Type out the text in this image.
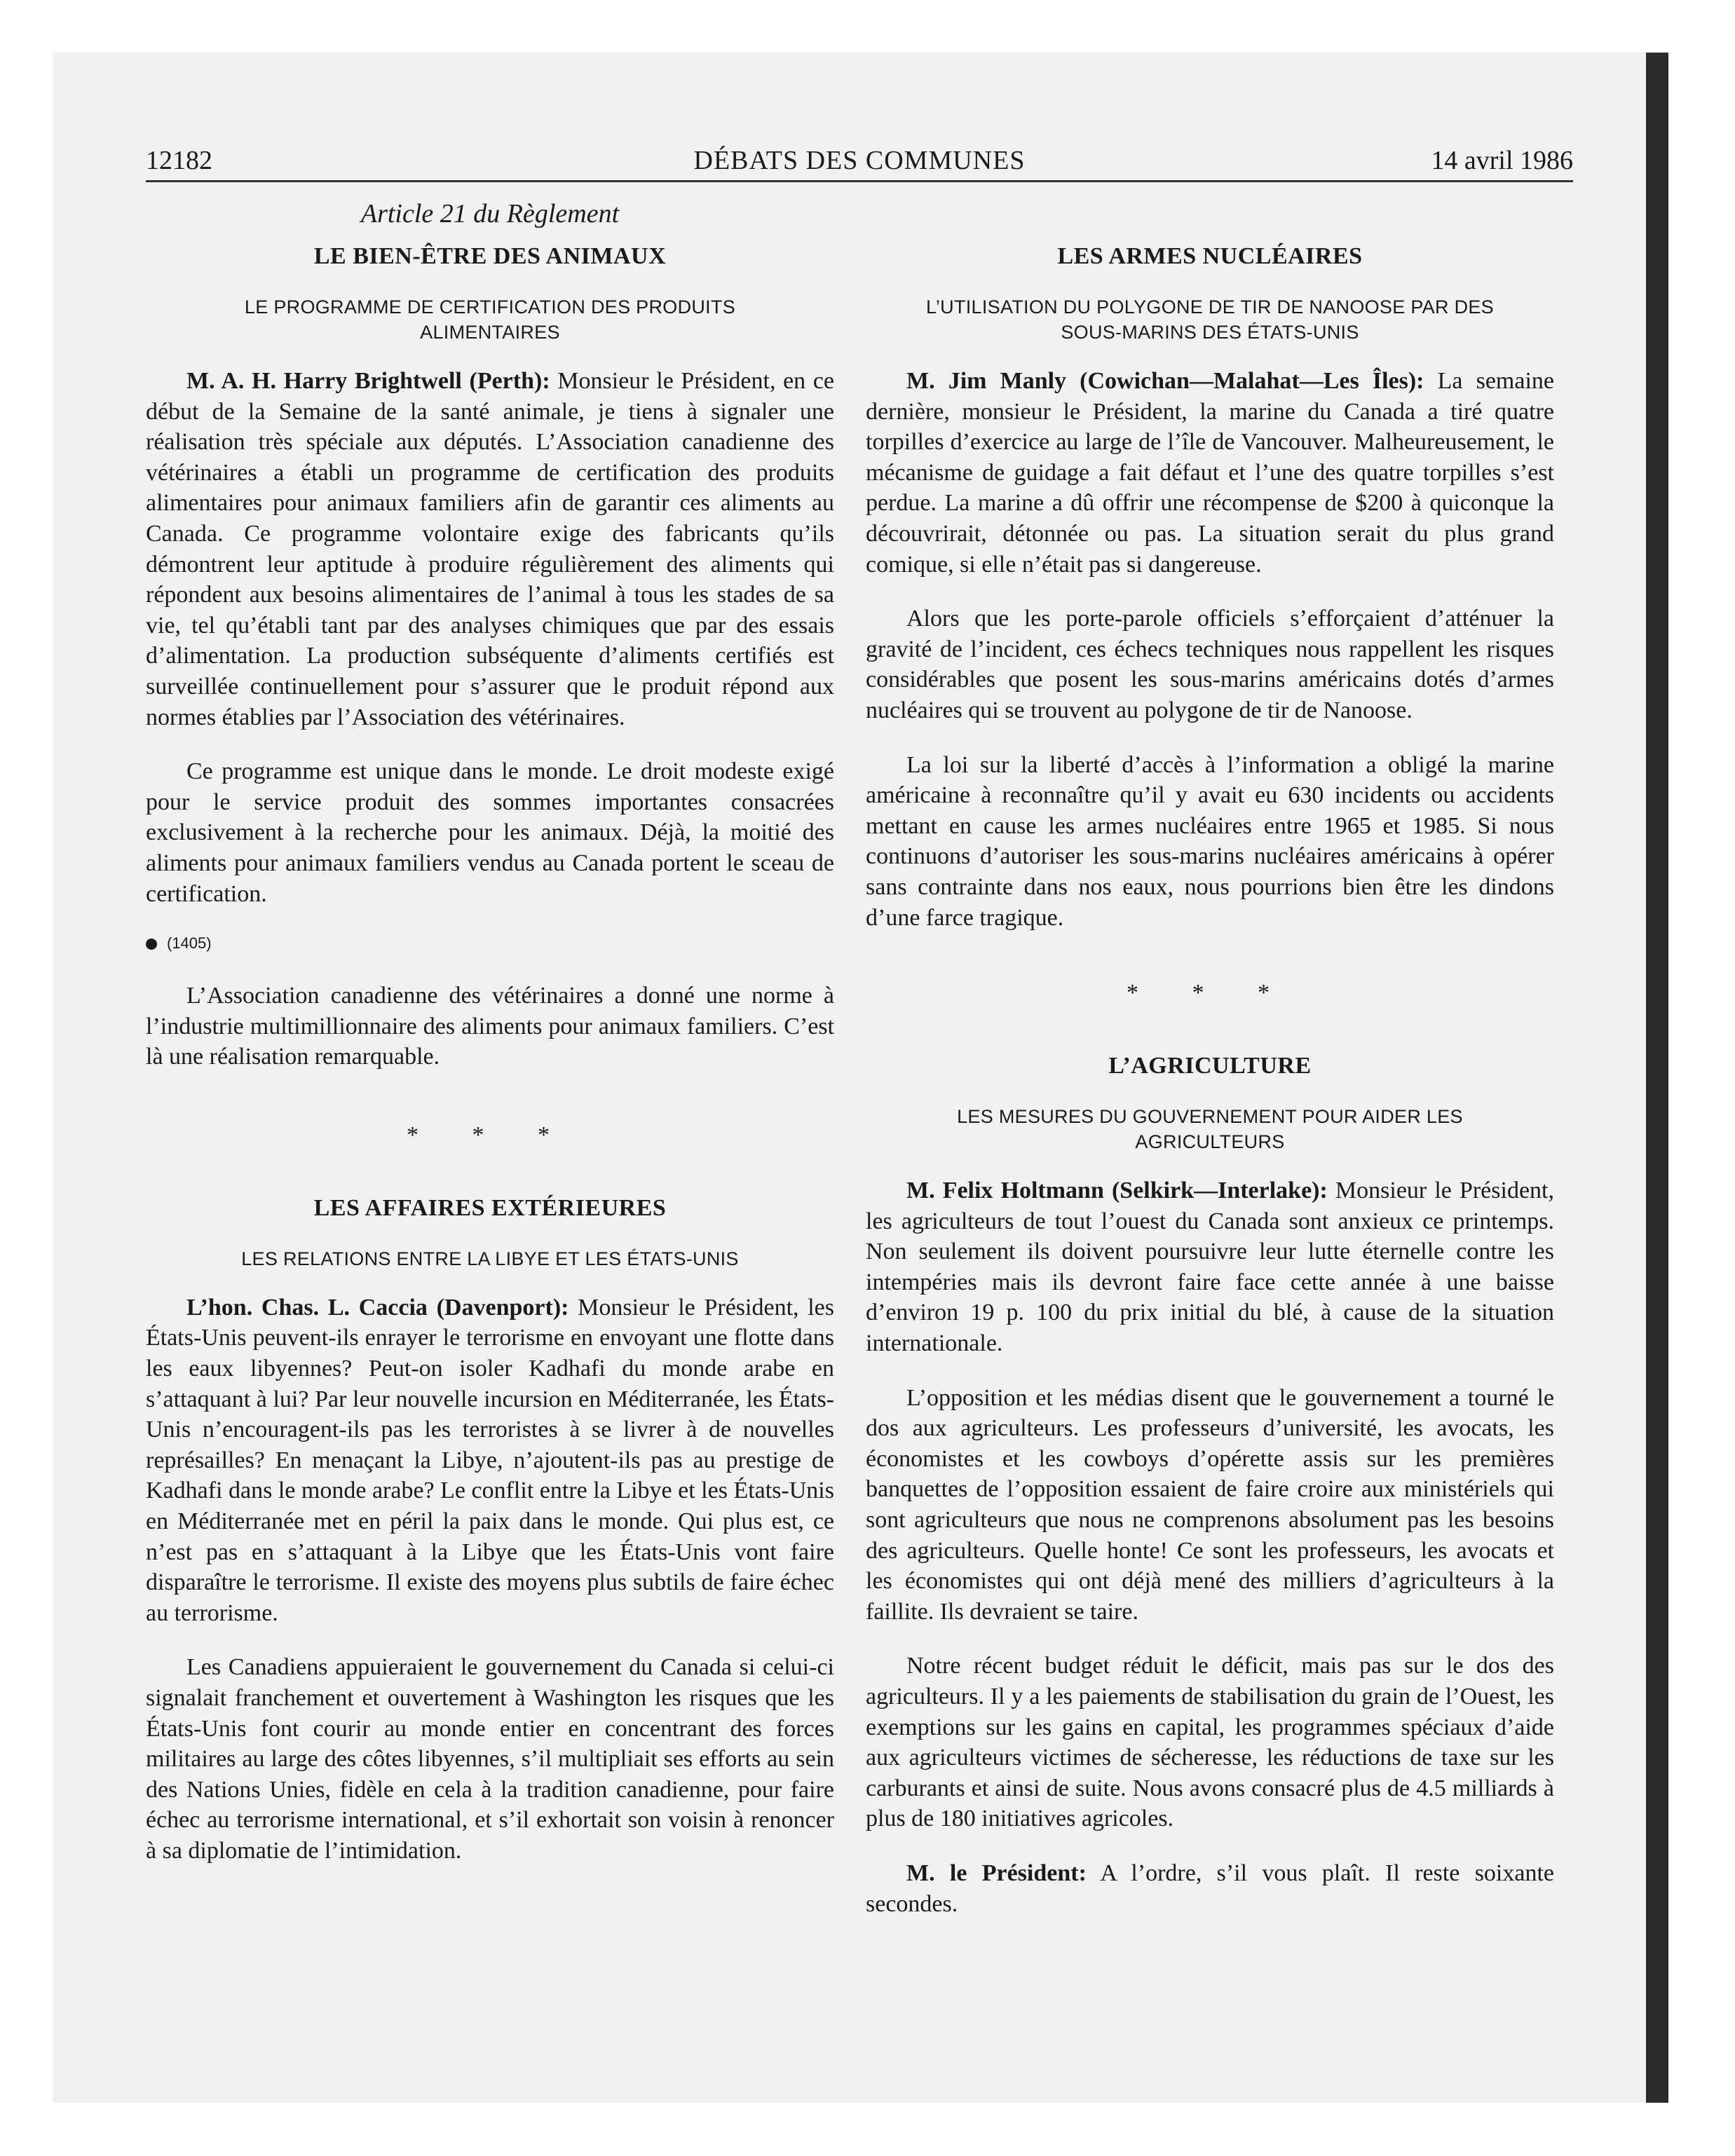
12182	DÉBATS DES COMMUNES	14 avril 1986
Article 21 du Règlement
LE BIEN-ÊTRE DES ANIMAUX
LE PROGRAMME DE CERTIFICATION DES PRODUITS ALIMENTAIRES

M. A. H. Harry Brightwell (Perth): Monsieur le Président, en ce début de la Semaine de la santé animale, je tiens à signaler une réalisation très spéciale aux députés. L’Association canadienne des vétérinaires a établi un programme de certification des produits alimentaires pour animaux familiers afin de garantir ces aliments au Canada. Ce programme volontaire exige des fabricants qu’ils démontrent leur aptitude à produire régulièrement des aliments qui répondent aux besoins alimentaires de l’animal à tous les stades de sa vie, tel qu’établi tant par des analyses chimiques que par des essais d’alimentation. La production subséquente d’aliments certifiés est surveillée continuellement pour s’assurer que le produit répond aux normes établies par l’Association des vétérinaires.

Ce programme est unique dans le monde. Le droit modeste exigé pour le service produit des sommes importantes consacrées exclusivement à la recherche pour les animaux. Déjà, la moitié des aliments pour animaux familiers vendus au Canada portent le sceau de certification.

(1405)

L’Association canadienne des vétérinaires a donné une norme à l’industrie multimillionnaire des aliments pour animaux familiers. C’est là une réalisation remarquable.

* * *
LES AFFAIRES EXTÉRIEURES
LES RELATIONS ENTRE LA LIBYE ET LES ÉTATS-UNIS

L’hon. Chas. L. Caccia (Davenport): Monsieur le Président, les États-Unis peuvent-ils enrayer le terrorisme en envoyant une flotte dans les eaux libyennes? Peut-on isoler Kadhafi du monde arabe en s’attaquant à lui? Par leur nouvelle incursion en Méditerranée, les États-Unis n’encouragent-ils pas les terroristes à se livrer à de nouvelles représailles? En menaçant la Libye, n’ajoutent-ils pas au prestige de Kadhafi dans le monde arabe? Le conflit entre la Libye et les États-Unis en Méditerranée met en péril la paix dans le monde. Qui plus est, ce n’est pas en s’attaquant à la Libye que les États-Unis vont faire disparaître le terrorisme. Il existe des moyens plus subtils de faire échec au terrorisme.

Les Canadiens appuieraient le gouvernement du Canada si celui-ci signalait franchement et ouvertement à Washington les risques que les États-Unis font courir au monde entier en concentrant des forces militaires au large des côtes libyennes, s’il multipliait ses efforts au sein des Nations Unies, fidèle en cela à la tradition canadienne, pour faire échec au terrorisme international, et s’il exhortait son voisin à renoncer à sa diplomatie de l’intimidation.

LES ARMES NUCLÉAIRES
L’UTILISATION DU POLYGONE DE TIR DE NANOOSE PAR DES SOUS-MARINS DES ÉTATS-UNIS

M. Jim Manly (Cowichan—Malahat—Les Îles): La semaine dernière, monsieur le Président, la marine du Canada a tiré quatre torpilles d’exercice au large de l’île de Vancouver. Malheureusement, le mécanisme de guidage a fait défaut et l’une des quatre torpilles s’est perdue. La marine a dû offrir une récompense de $200 à quiconque la découvrirait, détonnée ou pas. La situation serait du plus grand comique, si elle n’était pas si dangereuse.

Alors que les porte-parole officiels s’efforçaient d’atténuer la gravité de l’incident, ces échecs techniques nous rappellent les risques considérables que posent les sous-marins américains dotés d’armes nucléaires qui se trouvent au polygone de tir de Nanoose.

La loi sur la liberté d’accès à l’information a obligé la marine américaine à reconnaître qu’il y avait eu 630 incidents ou accidents mettant en cause les armes nucléaires entre 1965 et 1985. Si nous continuons d’autoriser les sous-marins nucléaires américains à opérer sans contrainte dans nos eaux, nous pourrions bien être les dindons d’une farce tragique.

* * *
L’AGRICULTURE
LES MESURES DU GOUVERNEMENT POUR AIDER LES AGRICULTEURS

M. Felix Holtmann (Selkirk—Interlake): Monsieur le Président, les agriculteurs de tout l’ouest du Canada sont anxieux ce printemps. Non seulement ils doivent poursuivre leur lutte éternelle contre les intempéries mais ils devront faire face cette année à une baisse d’environ 19 p. 100 du prix initial du blé, à cause de la situation internationale.

L’opposition et les médias disent que le gouvernement a tourné le dos aux agriculteurs. Les professeurs d’université, les avocats, les économistes et les cowboys d’opérette assis sur les premières banquettes de l’opposition essaient de faire croire aux ministériels qui sont agriculteurs que nous ne comprenons absolument pas les besoins des agriculteurs. Quelle honte! Ce sont les professeurs, les avocats et les économistes qui ont déjà mené des milliers d’agriculteurs à la faillite. Ils devraient se taire.

Notre récent budget réduit le déficit, mais pas sur le dos des agriculteurs. Il y a les paiements de stabilisation du grain de l’Ouest, les exemptions sur les gains en capital, les programmes spéciaux d’aide aux agriculteurs victimes de sécheresse, les réductions de taxe sur les carburants et ainsi de suite. Nous avons consacré plus de 4.5 milliards à plus de 180 initiatives agricoles.

M. le Président: A l’ordre, s’il vous plaît. Il reste soixante secondes.
